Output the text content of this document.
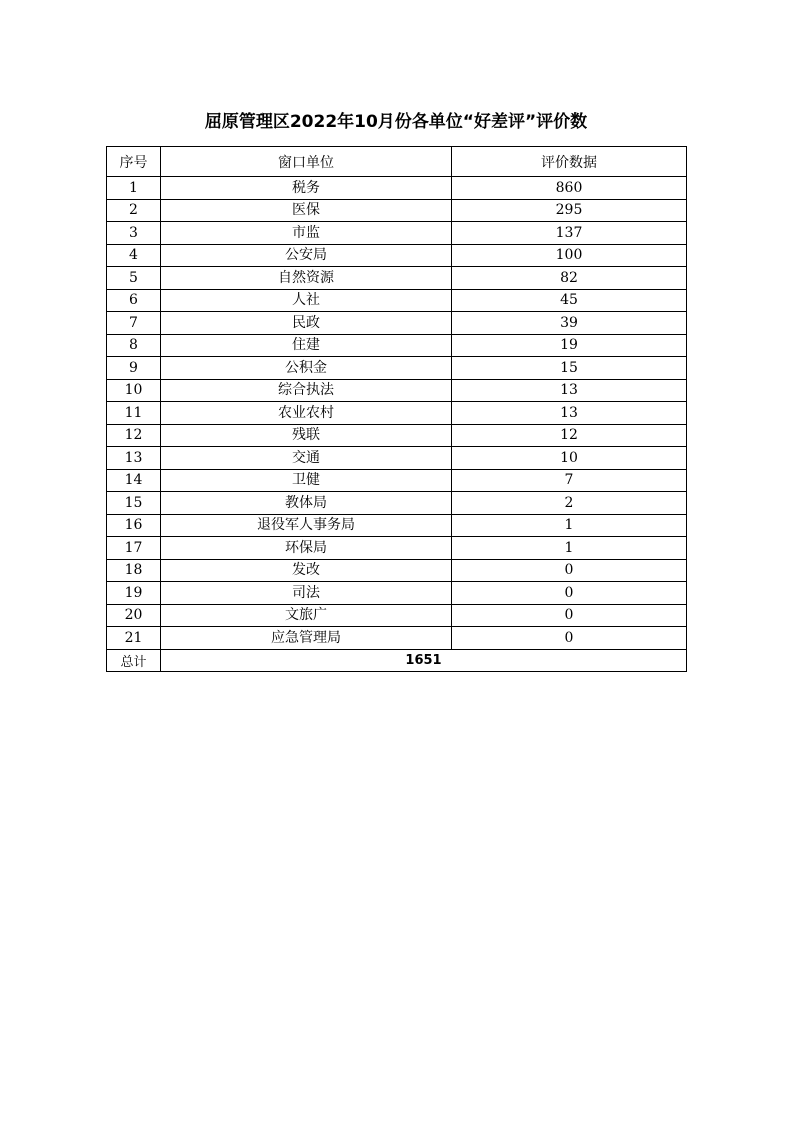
屈原管理区2022年10月份各单位“好差评”评价数
序号	窗口单位	评价数据
1	税务	860
2	医保	295
3	市监	137
4	公安局	100
5	自然资源	82
6	人社	45
7	民政	39
8	住建	19
9	公积金	15
10	综合执法	13
11	农业农村	13
12	残联	12
13	交通	10
14	卫健	7
15	教体局	2
16	退役军人事务局	1
17	环保局	1
18	发改	0
19	司法	0
20	文旅广	0
21	应急管理局	0
总计	1651	
